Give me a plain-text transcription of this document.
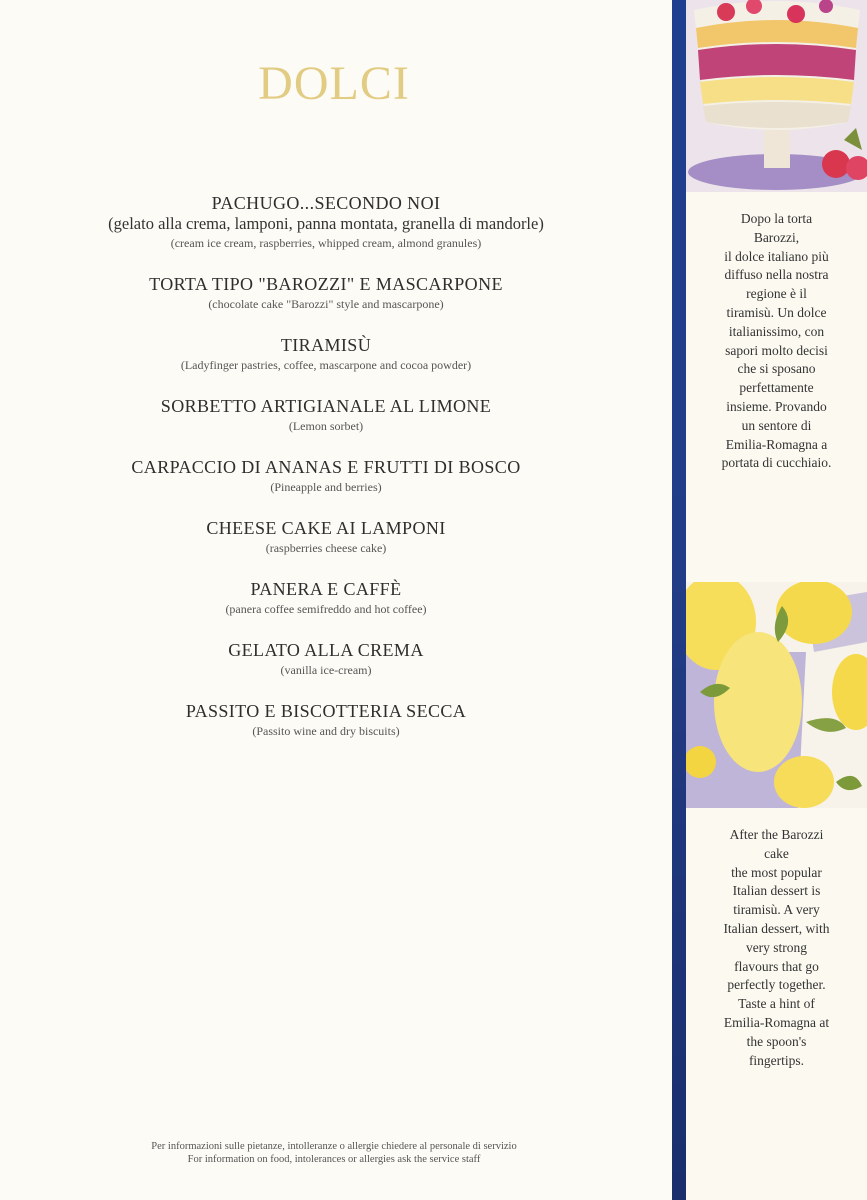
DOLCI
PACHUGO...SECONDO NOI
(gelato alla crema, lamponi, panna montata, granella di mandorle)
(cream ice cream, raspberries, whipped cream, almond granules)
TORTA TIPO "BAROZZI" E MASCARPONE
(chocolate cake "Barozzi" style and mascarpone)
TIRAMISÙ
(Ladyfinger pastries, coffee, mascarpone and cocoa powder)
SORBETTO ARTIGIANALE AL LIMONE
(Lemon sorbet)
CARPACCIO DI ANANAS E FRUTTI DI BOSCO
(Pineapple and berries)
CHEESE CAKE AI LAMPONI
(raspberries cheese cake)
PANERA E CAFFÈ
(panera coffee semifreddo and hot coffee)
GELATO ALLA CREMA
(vanilla ice-cream)
PASSITO E BISCOTTERIA SECCA
(Passito wine and dry biscuits)
Per informazioni sulle pietanze, intolleranze o allergie chiedere al personale di servizio
For information on food, intolerances or allergies ask the service staff
Dopo la torta
Barozzi,
il dolce italiano più
diffuso nella nostra
regione è il
tiramisù. Un dolce
italianissimo, con
sapori molto decisi
che si sposano
perfettamente
insieme. Provando
un sentore di
Emilia-Romagna a
portata di cucchiaio.
After the Barozzi
cake
the most popular
Italian dessert is
tiramisù. A very
Italian dessert, with
very strong
flavours that go
perfectly together.
Taste a hint of
Emilia-Romagna at
the spoon's
fingertips.
